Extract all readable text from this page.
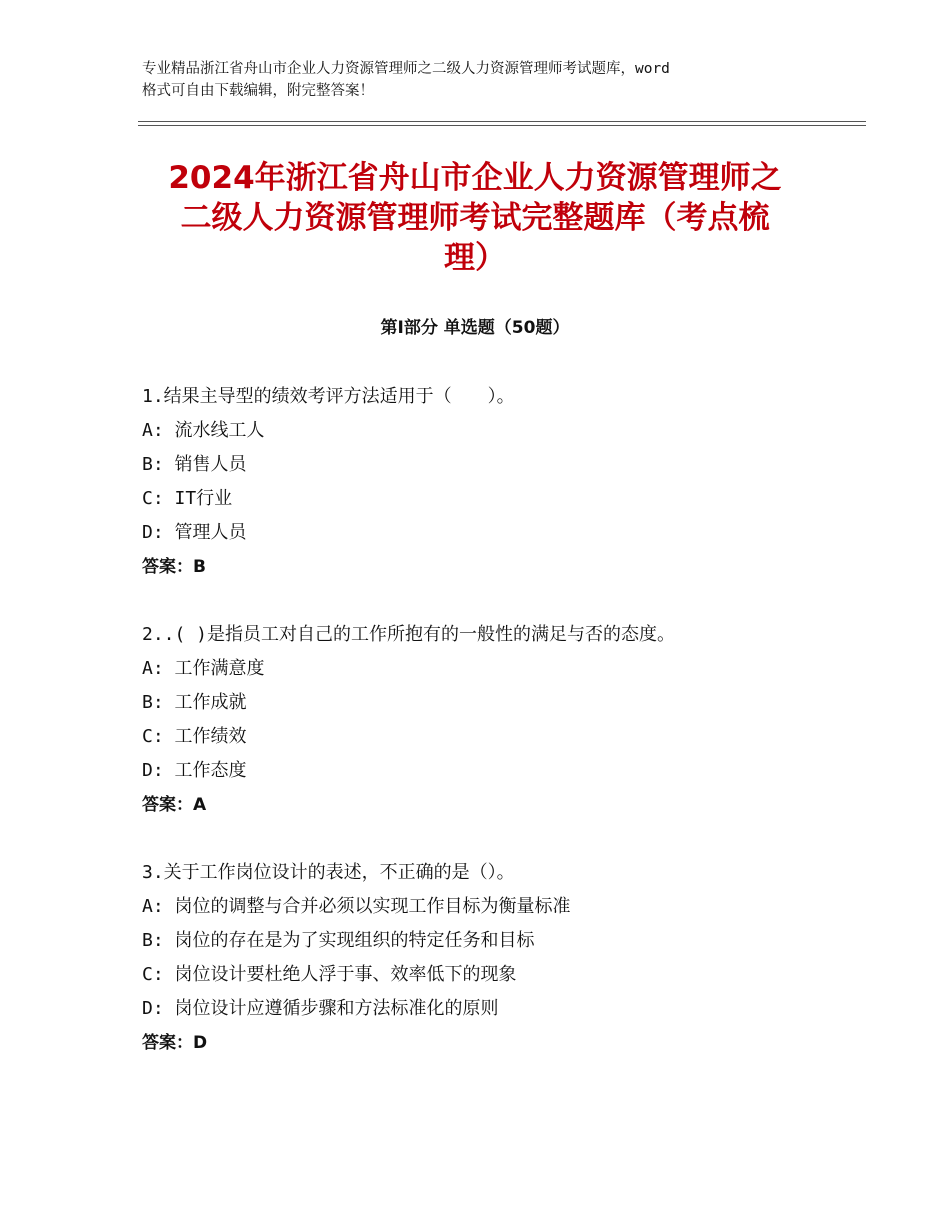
专业精品浙江省舟山市企业人力资源管理师之二级人力资源管理师考试题库，word
格式可自由下载编辑，附完整答案！
2024年浙江省舟山市企业人力资源管理师之
二级人力资源管理师考试完整题库（考点梳
理）
第Ⅰ部分 单选题（50题）
1.结果主导型的绩效考评方法适用于（　　）。
A: 流水线工人
B: 销售人员
C: IT行业
D: 管理人员
答案：B
2..( )是指员工对自己的工作所抱有的一般性的满足与否的态度。
A: 工作满意度
B: 工作成就
C: 工作绩效
D: 工作态度
答案：A
3.关于工作岗位设计的表述，不正确的是（）。
A: 岗位的调整与合并必须以实现工作目标为衡量标准
B: 岗位的存在是为了实现组织的特定任务和目标
C: 岗位设计要杜绝人浮于事、效率低下的现象
D: 岗位设计应遵循步骤和方法标准化的原则
答案：D
